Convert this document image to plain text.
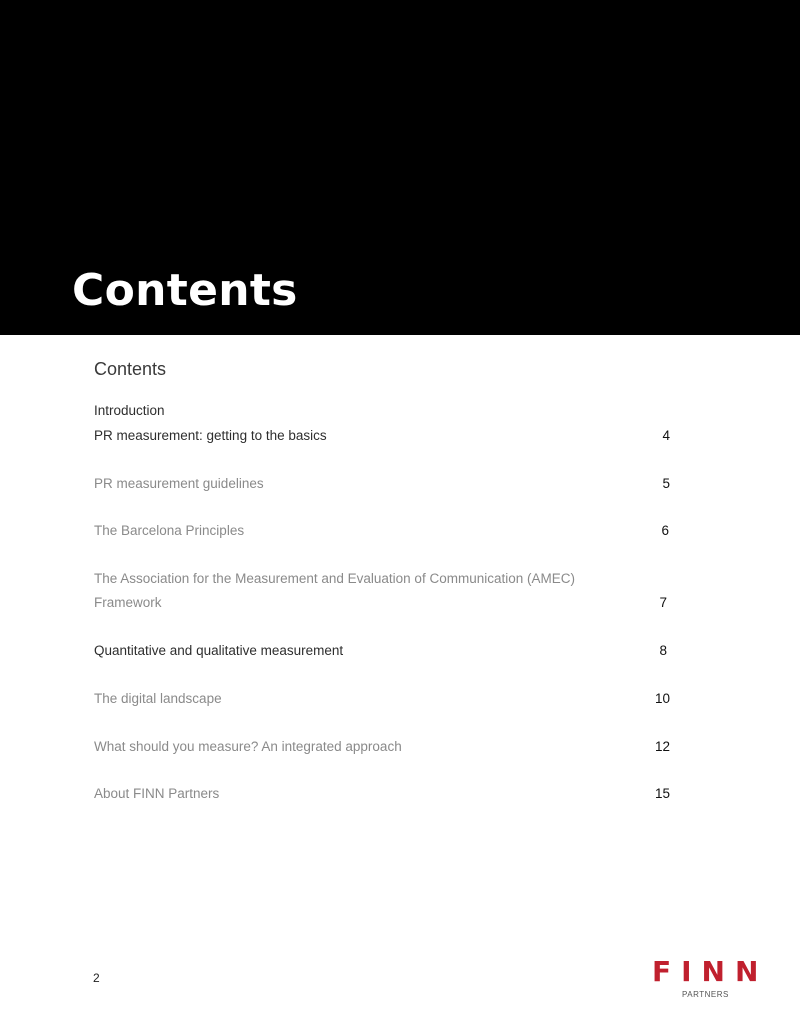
Contents
Contents
Introduction
PR measurement: getting to the basics	4
PR measurement guidelines	5
The Barcelona Principles	6
The Association for the Measurement and Evaluation of Communication (AMEC)
Framework	7
Quantitative and qualitative measurement	8
The digital landscape	10
What should you measure? An integrated approach	12
About FINN Partners	15
2	FINN
PARTNERS
